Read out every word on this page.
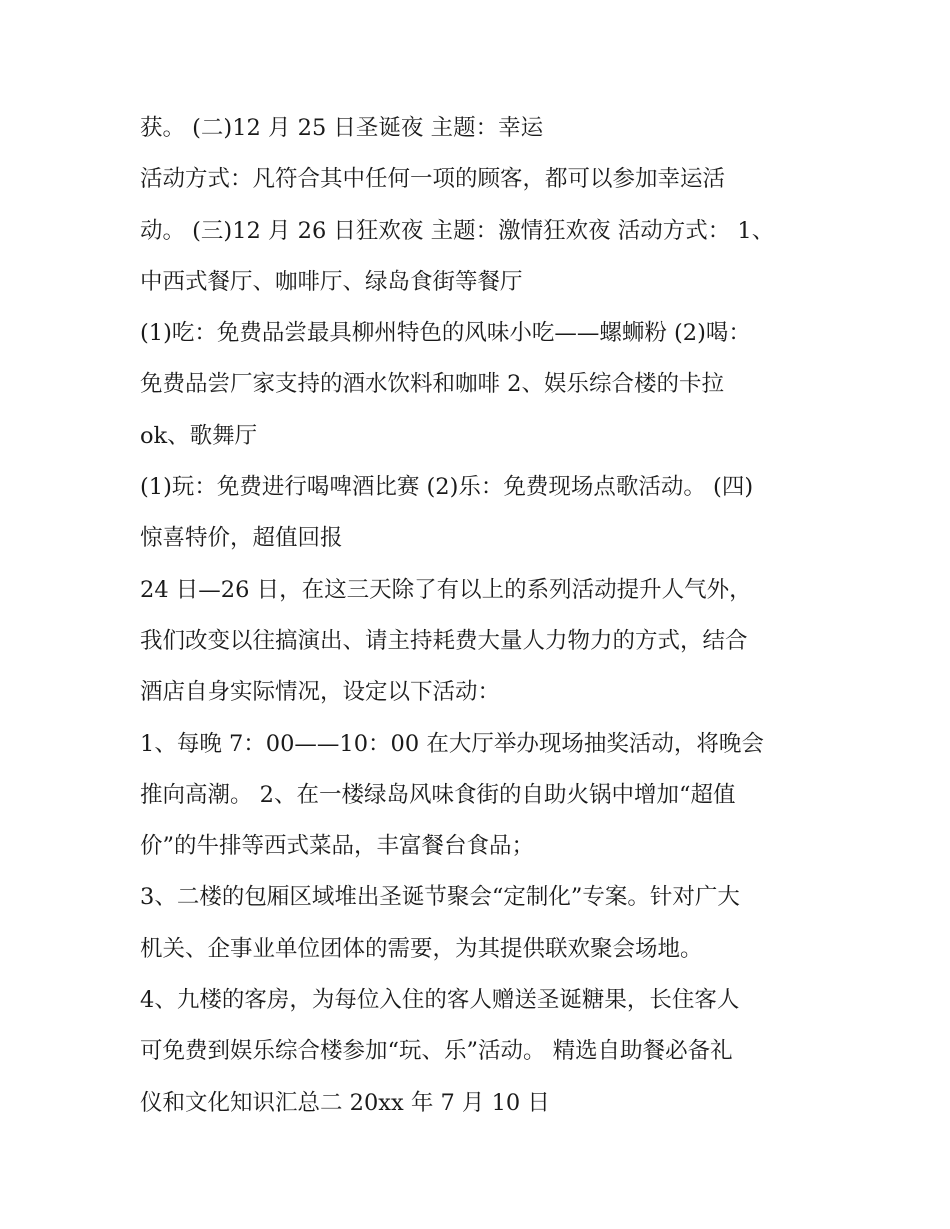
获。 (二)12 月 25 日圣诞夜 主题：幸运
活动方式：凡符合其中任何一项的顾客，都可以参加幸运活
动。 (三)12 月 26 日狂欢夜 主题：激情狂欢夜 活动方式： 1、
中西式餐厅、咖啡厅、绿岛食街等餐厅
(1)吃：免费品尝最具柳州特色的风味小吃——螺蛳粉 (2)喝：
免费品尝厂家支持的酒水饮料和咖啡 2、娱乐综合楼的卡拉
ok、歌舞厅
(1)玩：免费进行喝啤酒比赛 (2)乐：免费现场点歌活动。 (四)
惊喜特价，超值回报
24 日—26 日，在这三天除了有以上的系列活动提升人气外，
我们改变以往搞演出、请主持耗费大量人力物力的方式，结合
酒店自身实际情况，设定以下活动：
1、每晚 7：00——10：00 在大厅举办现场抽奖活动，将晚会
推向高潮。 2、在一楼绿岛风味食街的自助火锅中增加“超值
价”的牛排等西式菜品，丰富餐台食品；
3、二楼的包厢区域堆出圣诞节聚会“定制化”专案。针对广大
机关、企事业单位团体的需要，为其提供联欢聚会场地。
4、九楼的客房，为每位入住的客人赠送圣诞糖果，长住客人
可免费到娱乐综合楼参加“玩、乐”活动。 精选自助餐必备礼
仪和文化知识汇总二 20xx 年 7 月 10 日
